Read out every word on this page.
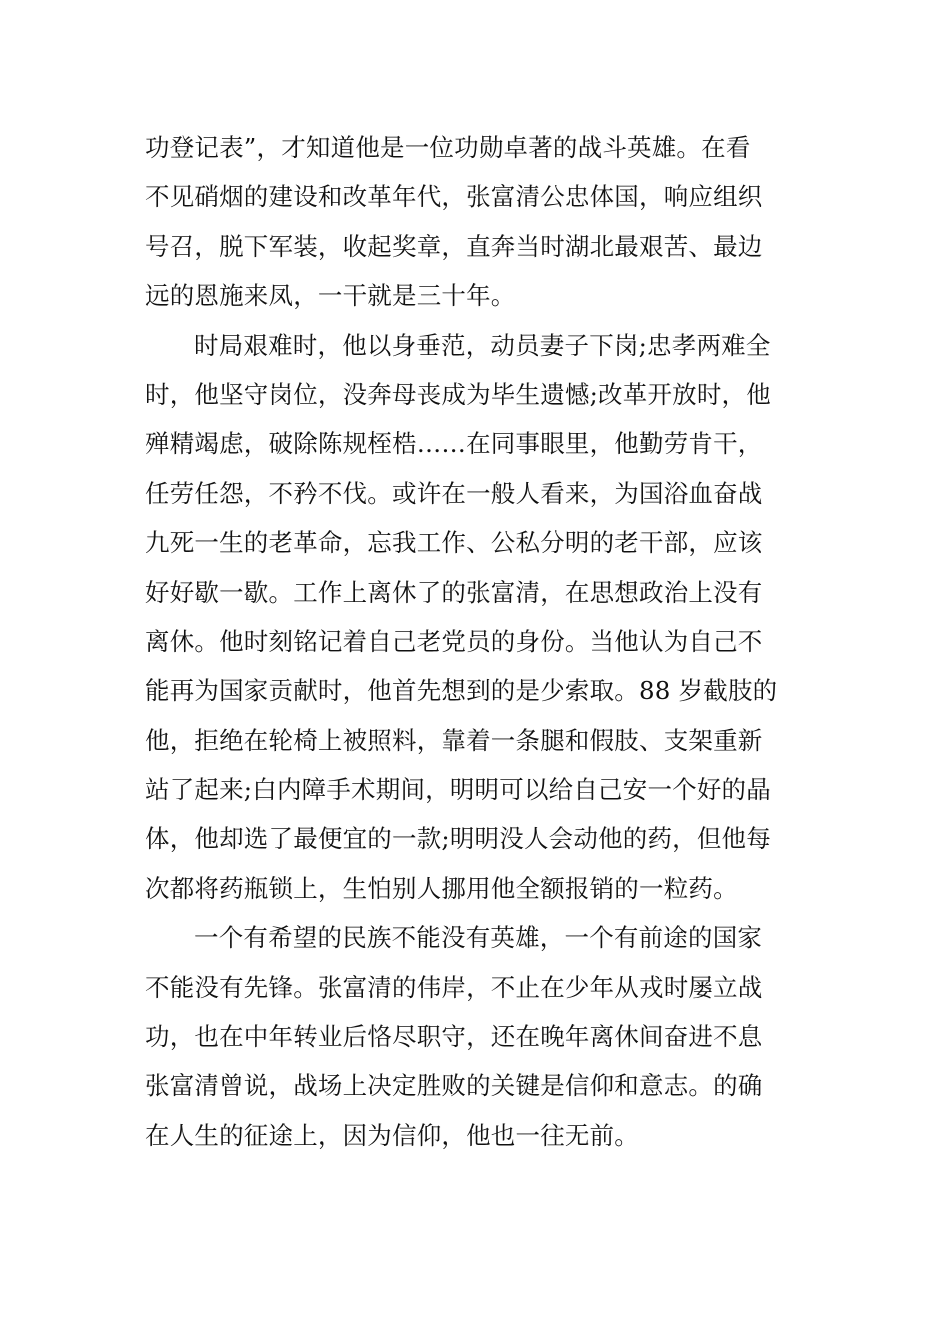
功登记表”，才知道他是一位功勋卓著的战斗英雄。在看
不见硝烟的建设和改革年代，张富清公忠体国，响应组织
号召，脱下军装，收起奖章，直奔当时湖北最艰苦、最边
远的恩施来凤，一干就是三十年。
时局艰难时，他以身垂范，动员妻子下岗;忠孝两难全
时，他坚守岗位，没奔母丧成为毕生遗憾;改革开放时，他
殚精竭虑，破除陈规桎梏……在同事眼里，他勤劳肯干，
任劳任怨，不矜不伐。或许在一般人看来，为国浴血奋战
九死一生的老革命，忘我工作、公私分明的老干部，应该
好好歇一歇。工作上离休了的张富清，在思想政治上没有
离休。他时刻铭记着自己老党员的身份。当他认为自己不
能再为国家贡献时，他首先想到的是少索取。88 岁截肢的
他，拒绝在轮椅上被照料，靠着一条腿和假肢、支架重新
站了起来;白内障手术期间，明明可以给自己安一个好的晶
体，他却选了最便宜的一款;明明没人会动他的药，但他每
次都将药瓶锁上，生怕别人挪用他全额报销的一粒药。
一个有希望的民族不能没有英雄，一个有前途的国家
不能没有先锋。张富清的伟岸，不止在少年从戎时屡立战
功，也在中年转业后恪尽职守，还在晚年离休间奋进不息
张富清曾说，战场上决定胜败的关键是信仰和意志。的确
在人生的征途上，因为信仰，他也一往无前。
